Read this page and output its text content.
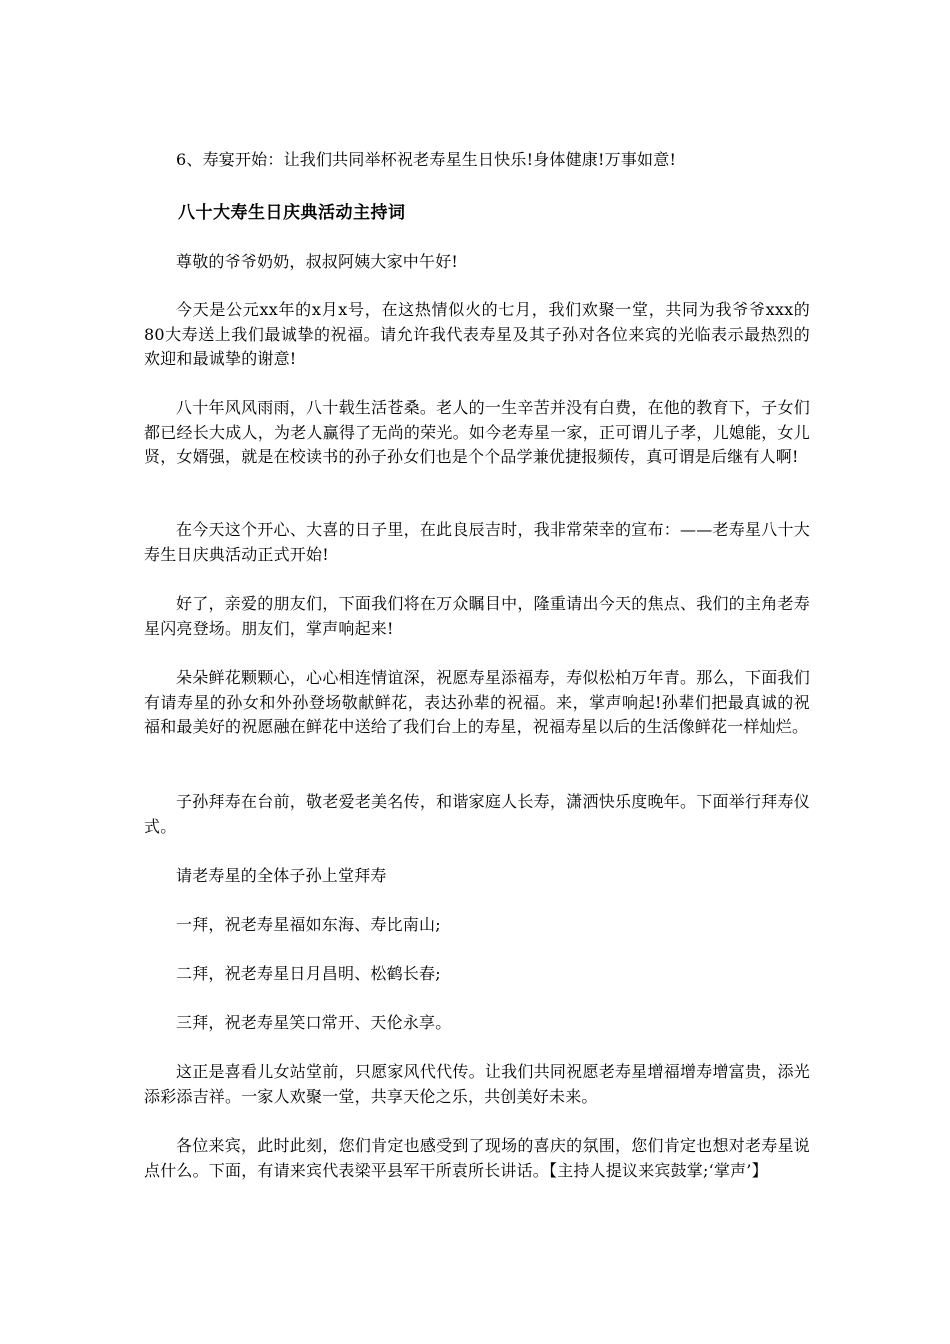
6、寿宴开始：让我们共同举杯祝老寿星生日快乐!身体健康!万事如意!

八十大寿生日庆典活动主持词

尊敬的爷爷奶奶，叔叔阿姨大家中午好!

今天是公元xx年的x月x号，在这热情似火的七月，我们欢聚一堂，共同为我爷爷xxx的80大寿送上我们最诚挚的祝福。请允许我代表寿星及其子孙对各位来宾的光临表示最热烈的欢迎和最诚挚的谢意!

八十年风风雨雨，八十载生活苍桑。老人的一生辛苦并没有白费，在他的教育下，子女们都已经长大成人，为老人赢得了无尚的荣光。如今老寿星一家，正可谓儿子孝，儿媳能，女儿贤，女婿强，就是在校读书的孙子孙女们也是个个品学兼优捷报频传，真可谓是后继有人啊!

在今天这个开心、大喜的日子里，在此良辰吉时，我非常荣幸的宣布：——老寿星八十大寿生日庆典活动正式开始!

好了，亲爱的朋友们，下面我们将在万众瞩目中，隆重请出今天的焦点、我们的主角老寿星闪亮登场。朋友们，掌声响起来!

朵朵鲜花颗颗心，心心相连情谊深，祝愿寿星添福寿，寿似松柏万年青。那么，下面我们有请寿星的孙女和外孙登场敬献鲜花，表达孙辈的祝福。来，掌声响起!孙辈们把最真诚的祝福和最美好的祝愿融在鲜花中送给了我们台上的寿星，祝福寿星以后的生活像鲜花一样灿烂。

子孙拜寿在台前，敬老爱老美名传，和谐家庭人长寿，潇洒快乐度晚年。下面举行拜寿仪式。

请老寿星的全体子孙上堂拜寿

一拜，祝老寿星福如东海、寿比南山;

二拜，祝老寿星日月昌明、松鹤长春;

三拜，祝老寿星笑口常开、天伦永享。

这正是喜看儿女站堂前，只愿家风代代传。让我们共同祝愿老寿星增福增寿增富贵，添光添彩添吉祥。一家人欢聚一堂，共享天伦之乐，共创美好未来。

各位来宾，此时此刻，您们肯定也感受到了现场的喜庆的氛围，您们肯定也想对老寿星说点什么。下面，有请来宾代表梁平县军干所袁所长讲话。【主持人提议来宾鼓掌;‘掌声’】
